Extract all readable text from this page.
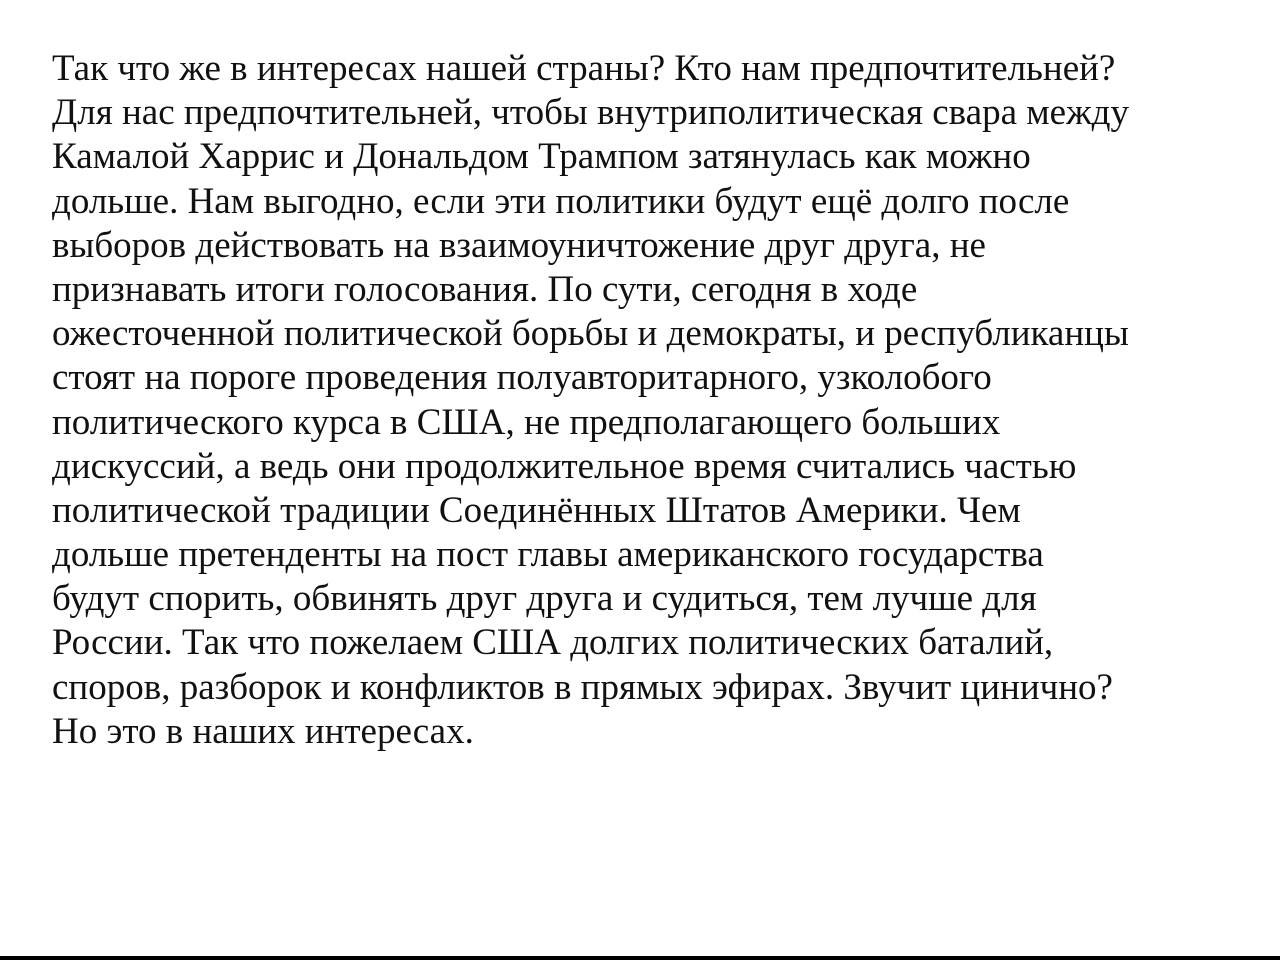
Так что же в интересах нашей страны? Кто нам предпочтительней?
Для нас предпочтительней, чтобы внутриполитическая свара между
Камалой Харрис и Дональдом Трампом затянулась как можно
дольше. Нам выгодно, если эти политики будут ещё долго после
выборов действовать на взаимоуничтожение друг друга, не
признавать итоги голосования. По сути, сегодня в ходе
ожесточенной политической борьбы и демократы, и республиканцы
стоят на пороге проведения полуавторитарного, узколобого
политического курса в США, не предполагающего больших
дискуссий, а ведь они продолжительное время считались частью
политической традиции Соединённых Штатов Америки. Чем
дольше претенденты на пост главы американского государства
будут спорить, обвинять друг друга и судиться, тем лучше для
России. Так что пожелаем США долгих политических баталий,
споров, разборок и конфликтов в прямых эфирах. Звучит цинично?
Но это в наших интересах.
